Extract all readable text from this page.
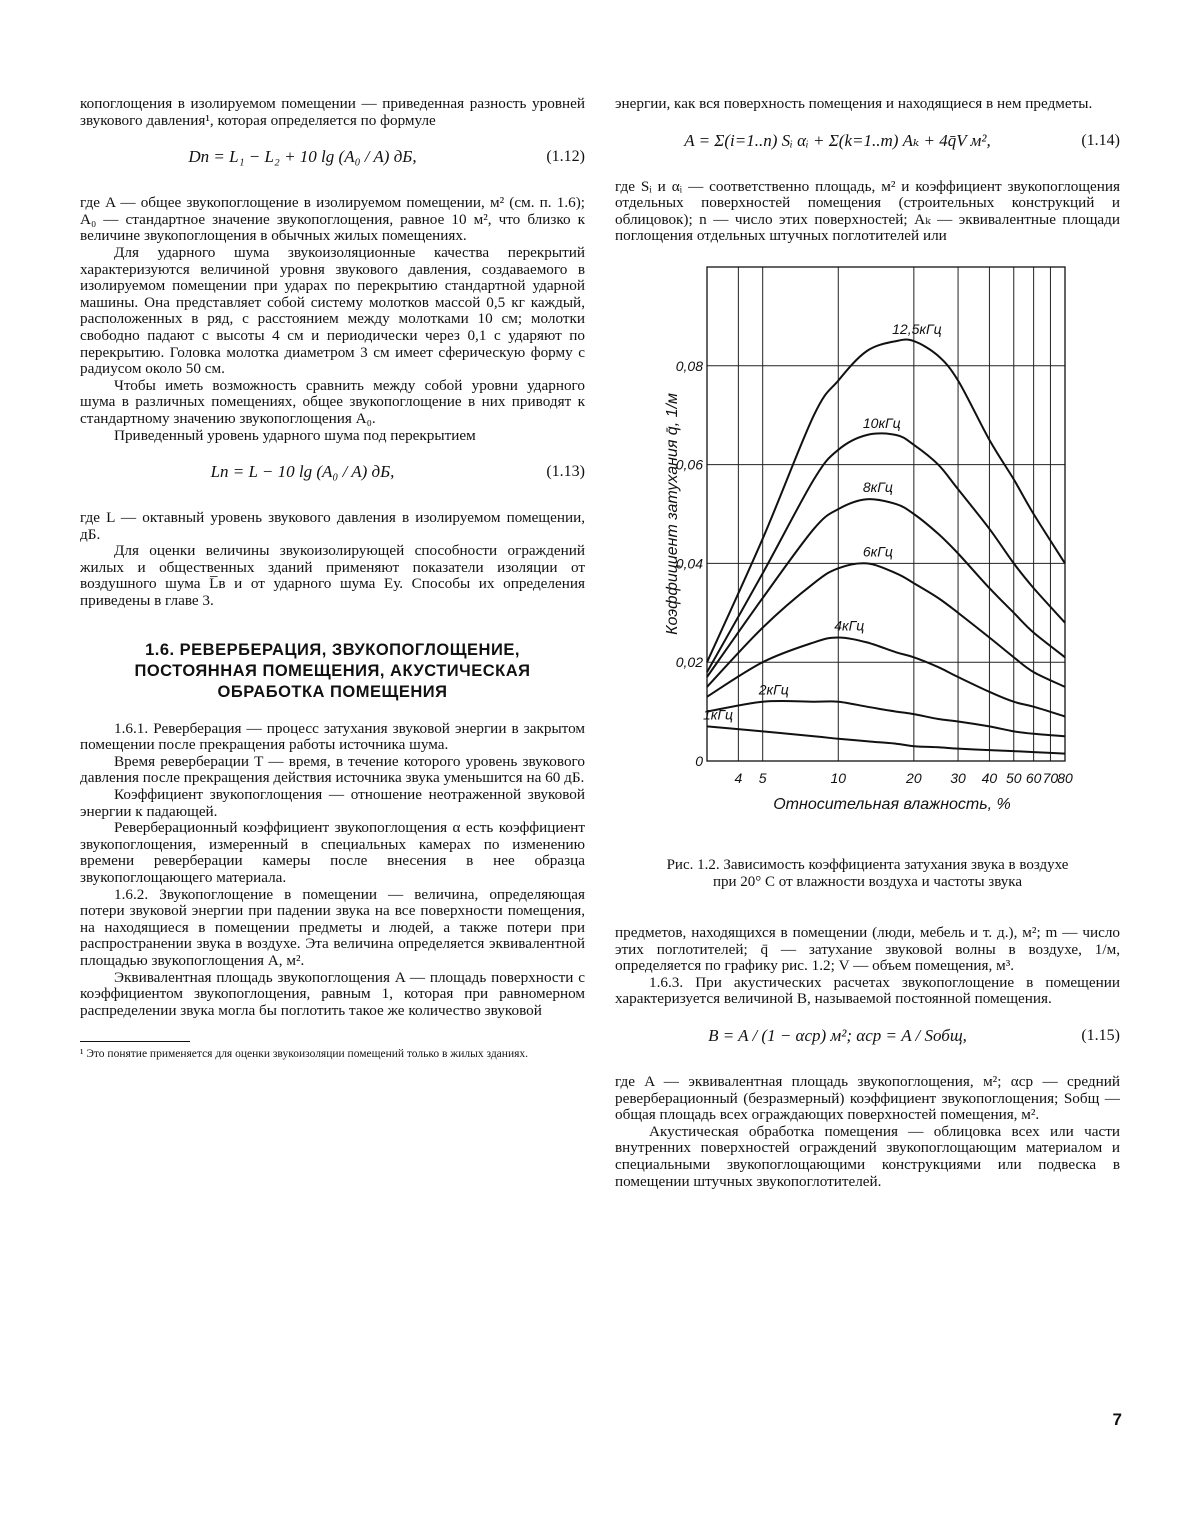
копоглощения в изолируемом помещении — приведенная разность уровней звукового давления¹, которая определяется по формуле

Dп = L₁ − L₂ + 10 lg (A₀ / A) дБ,	(1.12)

где A — общее звукопоглощение в изолируемом помещении, м² (см. п. 1.6); A₀ — стандартное значение звукопоглощения, равное 10 м², что близко к величине звукопоглощения в обычных жилых помещениях.

Для ударного шума звукоизоляционные качества перекрытий характеризуются величиной уровня звукового давления, создаваемого в изолируемом помещении при ударах по перекрытию стандартной ударной машины. Она представляет собой систему молотков массой 0,5 кг каждый, расположенных в ряд, с расстоянием между молотками 10 см; молотки свободно падают с высоты 4 см и периодически через 0,1 с ударяют по перекрытию. Головка молотка диаметром 3 см имеет сферическую форму с радиусом около 50 см.

Чтобы иметь возможность сравнить между собой уровни ударного шума в различных помещениях, общее звукопоглощение в них приводят к стандартному значению звукопоглощения A₀.

Приведенный уровень ударного шума под перекрытием

Lп = L − 10 lg (A₀ / A) дБ,	(1.13)

где L — октавный уровень звукового давления в изолируемом помещении, дБ.

Для оценки величины звукоизолирующей способности ограждений жилых и общественных зданий применяют показатели изоляции от воздушного шума L̅в и от ударного шума Eу. Способы их определения приведены в главе 3.

1.6. РЕВЕРБЕРАЦИЯ, ЗВУКОПОГЛОЩЕНИЕ, ПОСТОЯННАЯ ПОМЕЩЕНИЯ, АКУСТИЧЕСКАЯ ОБРАБОТКА ПОМЕЩЕНИЯ

1.6.1. Реверберация — процесс затухания звуковой энергии в закрытом помещении после прекращения работы источника шума.

Время реверберации T — время, в течение которого уровень звукового давления после прекращения действия источника звука уменьшится на 60 дБ.

Коэффициент звукопоглощения — отношение неотраженной звуковой энергии к падающей.

Реверберационный коэффициент звукопоглощения α есть коэффициент звукопоглощения, измеренный в специальных камерах по изменению времени реверберации камеры после внесения в нее образца звукопоглощающего материала.

1.6.2. Звукопоглощение в помещении — величина, определяющая потери звуковой энергии при падении звука на все поверхности помещения, на находящиеся в помещении предметы и людей, а также потери при распространении звука в воздухе. Эта величина определяется эквивалентной площадью звукопоглощения A, м².

Эквивалентная площадь звукопоглощения A — площадь поверхности с коэффициентом звукопоглощения, равным 1, которая при равномерном распределении звука могла бы поглотить такое же количество звуковой

¹ Это понятие применяется для оценки звукоизоляции помещений только в жилых зданиях.

энергии, как вся поверхность помещения и находящиеся в нем предметы.

A = Σ(i=1..n) Sᵢ αᵢ + Σ(k=1..m) Aₖ + 4q̄V м²,	(1.14)

где Sᵢ и αᵢ — соответственно площадь, м² и коэффициент звукопоглощения отдельных поверхностей помещения (строительных конструкций и облицовок); n — число этих поверхностей; Aₖ — эквивалентные площади поглощения отдельных штучных поглотителей или

4 5	10	20 30 40 50 60 70
80
0
0,02
0,04
0,06
0,08
Относительная влажность, %
Коэффициент затухания q̄, 1/м
12,5кГц
10кГц
8кГц
6кГц
4кГц
2кГц
1кГц

Рис. 1.2. Зависимость коэффициента затухания звука в воздухе при 20° С от влажности воздуха и частоты звука

предметов, находящихся в помещении (люди, мебель и т. д.), м²; m — число этих поглотителей; q̄ — затухание звуковой волны в воздухе, 1/м, определяется по графику рис. 1.2; V — объем помещения, м³.

1.6.3. При акустических расчетах звукопоглощение в помещении характеризуется величиной B, называемой постоянной помещения.

B = A / (1 − αср) м²; αср = A / Sобщ,	(1.15)

где A — эквивалентная площадь звукопоглощения, м²; αср — средний реверберационный (безразмерный) коэффициент звукопоглощения; Sобщ — общая площадь всех ограждающих поверхностей помещения, м².

Акустическая обработка помещения — облицовка всех или части внутренних поверхностей ограждений звукопоглощающим материалом и специальными звукопоглощающими конструкциями или подвеска в помещении штучных звукопоглотителей.

7
